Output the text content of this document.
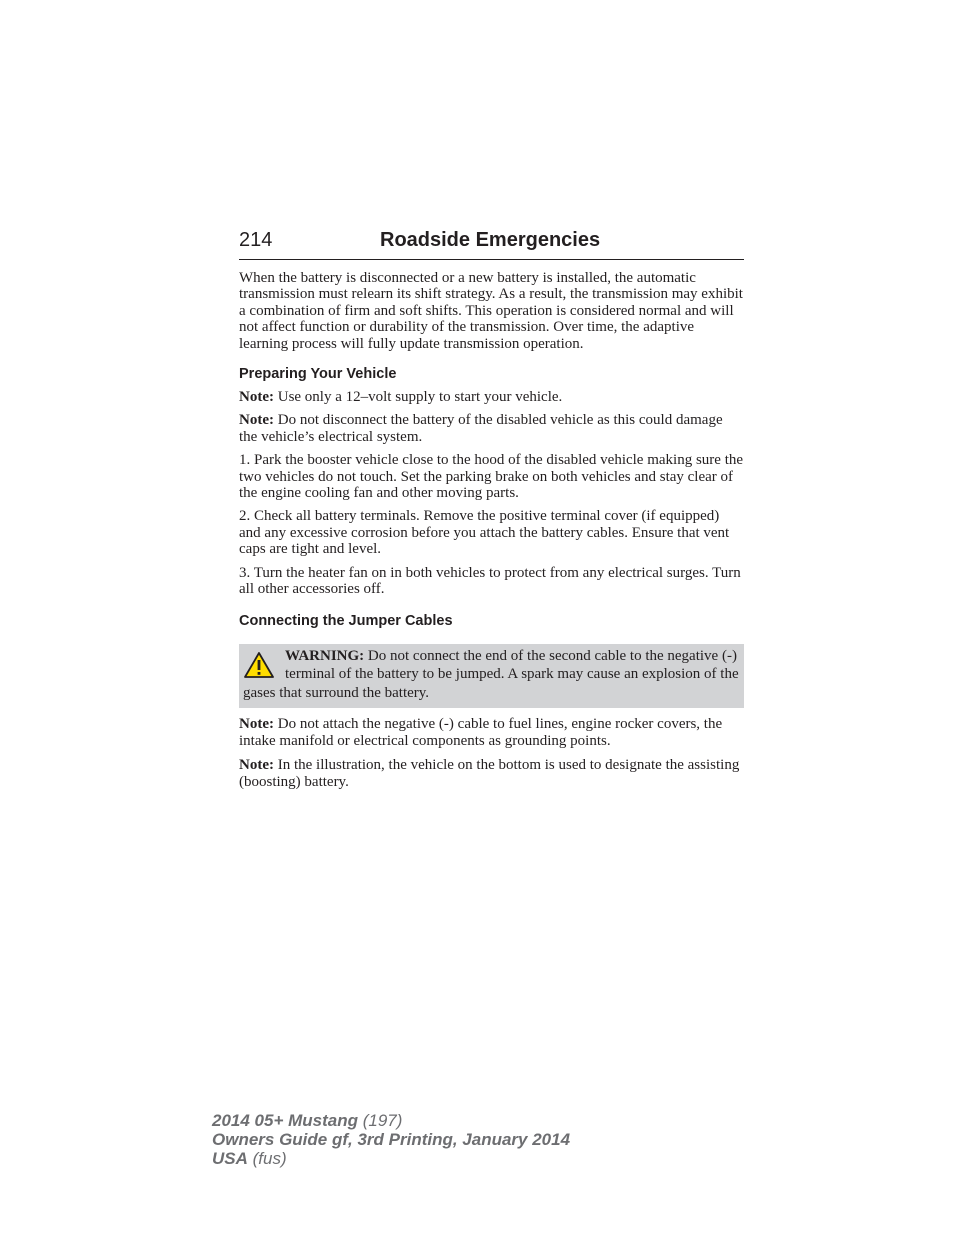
214	Roadside Emergencies

When the battery is disconnected or a new battery is installed, the automatic transmission must relearn its shift strategy. As a result, the transmission may exhibit a combination of firm and soft shifts. This operation is considered normal and will not affect function or durability of the transmission. Over time, the adaptive learning process will fully update transmission operation.

Preparing Your Vehicle

Note: Use only a 12–volt supply to start your vehicle.

Note: Do not disconnect the battery of the disabled vehicle as this could damage the vehicle’s electrical system.

1. Park the booster vehicle close to the hood of the disabled vehicle making sure the two vehicles do not touch. Set the parking brake on both vehicles and stay clear of the engine cooling fan and other moving parts.

2. Check all battery terminals. Remove the positive terminal cover (if equipped) and any excessive corrosion before you attach the battery cables. Ensure that vent caps are tight and level.

3. Turn the heater fan on in both vehicles to protect from any electrical surges. Turn all other accessories off.

Connecting the Jumper Cables

WARNING: Do not connect the end of the second cable to the negative (-) terminal of the battery to be jumped. A spark may cause an explosion of the gases that surround the battery.

Note: Do not attach the negative (-) cable to fuel lines, engine rocker covers, the intake manifold or electrical components as grounding points.

Note: In the illustration, the vehicle on the bottom is used to designate the assisting (boosting) battery.

2014 05+ Mustang (197)
Owners Guide gf, 3rd Printing, January 2014
USA (fus)
